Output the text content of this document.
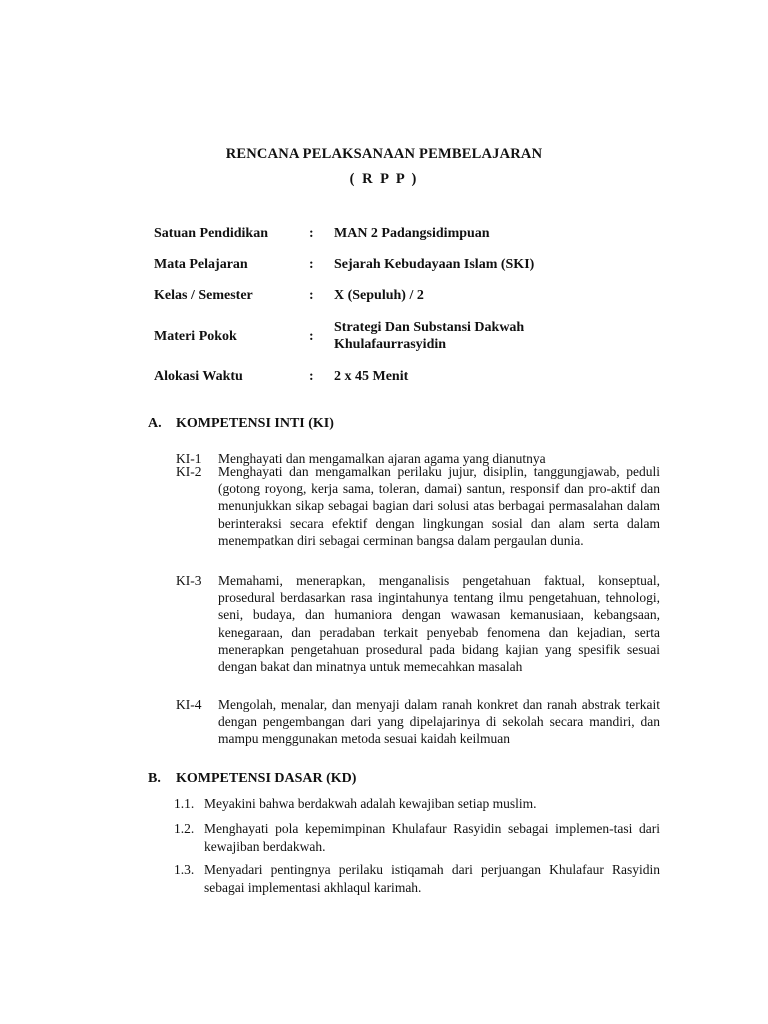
RENCANA PELAKSANAAN PEMBELAJARAN
( R P P )
Satuan Pendidikan	: MAN 2 Padangsidimpuan
Mata Pelajaran	: Sejarah Kebudayaan Islam (SKI)
Kelas / Semester	: X (Sepuluh) / 2
Materi Pokok	:
Strategi Dan Substansi Dakwah Khulafaurrasyidin
Alokasi Waktu	: 2 x 45 Menit
A. KOMPETENSI INTI (KI)
KI-1 Menghayati dan mengamalkan ajaran agama yang dianutnya
KI-2 Menghayati dan mengamalkan perilaku jujur, disiplin, tanggungjawab, peduli (gotong royong, kerja sama, toleran, damai) santun, responsif dan pro-aktif dan menunjukkan sikap sebagai bagian dari solusi atas berbagai permasalahan dalam berinteraksi secara efektif dengan lingkungan sosial dan alam serta dalam menempatkan diri sebagai cerminan bangsa dalam pergaulan dunia.
KI-3 Memahami, menerapkan, menganalisis pengetahuan faktual, konseptual, prosedural berdasarkan rasa ingintahunya tentang ilmu pengetahuan, tehnologi, seni, budaya, dan humaniora dengan wawasan kemanusiaan, kebangsaan, kenegaraan, dan peradaban terkait penyebab fenomena dan kejadian, serta menerapkan pengetahuan prosedural pada bidang kajian yang spesifik sesuai dengan bakat dan minatnya untuk memecahkan masalah
KI-4 Mengolah, menalar, dan menyaji dalam ranah konkret dan ranah abstrak terkait dengan pengembangan dari yang dipelajarinya di sekolah secara mandiri, dan mampu menggunakan metoda sesuai kaidah keilmuan
B. KOMPETENSI DASAR (KD)
1.1. Meyakini bahwa berdakwah adalah kewajiban setiap muslim.
1.2. Menghayati pola kepemimpinan Khulafaur Rasyidin sebagai implemen-tasi dari kewajiban berdakwah.
1.3. Menyadari pentingnya perilaku istiqamah dari perjuangan Khulafaur Rasyidin sebagai implementasi akhlaqul karimah.
